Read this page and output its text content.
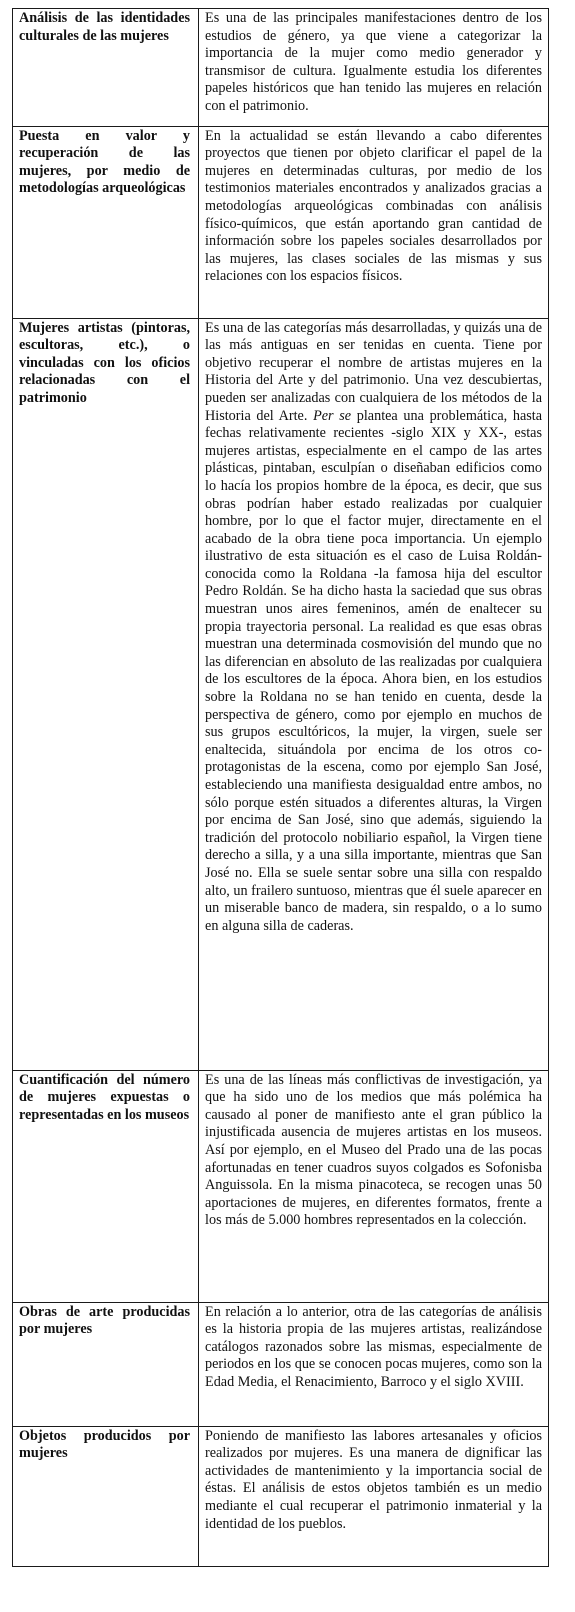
Análisis de las identidades culturales de las mujeres	Es una de las principales manifestaciones dentro de los estudios de género, ya que viene a categorizar la importancia de la mujer como medio generador y transmisor de cultura. Igualmente estudia los diferentes papeles históricos que han tenido las mujeres en relación con el patrimonio.
Puesta en valor y recuperación de las mujeres, por medio de metodologías arqueológicas	En la actualidad se están llevando a cabo diferentes proyectos que tienen por objeto clarificar el papel de la mujeres en determinadas culturas, por medio de los testimonios materiales encontrados y analizados gracias a metodologías arqueológicas combinadas con análisis físico-químicos, que están aportando gran cantidad de información sobre los papeles sociales desarrollados por las mujeres, las clases sociales de las mismas y sus relaciones con los espacios físicos.
Mujeres artistas (pintoras, escultoras, etc.), o vinculadas con los oficios relacionadas con el patrimonio	Es una de las categorías más desarrolladas, y quizás una de las más antiguas en ser tenidas en cuenta. Tiene por objetivo recuperar el nombre de artistas mujeres en la Historia del Arte y del patrimonio. Una vez descubiertas, pueden ser analizadas con cualquiera de los métodos de la Historia del Arte. Per se plantea una problemática, hasta fechas relativamente recientes -siglo XIX y XX-, estas mujeres artistas, especialmente en el campo de las artes plásticas, pintaban, esculpían o diseñaban edificios como lo hacía los propios hombre de la época, es decir, que sus obras podrían haber estado realizadas por cualquier hombre, por lo que el factor mujer, directamente en el acabado de la obra tiene poca importancia. Un ejemplo ilustrativo de esta situación es el caso de Luisa Roldán- conocida como la Roldana -la famosa hija del escultor Pedro Roldán. Se ha dicho hasta la saciedad que sus obras muestran unos aires femeninos, amén de enaltecer su propia trayectoria personal. La realidad es que esas obras muestran una determinada cosmovisión del mundo que no las diferencian en absoluto de las realizadas por cualquiera de los escultores de la época. Ahora bien, en los estudios sobre la Roldana no se han tenido en cuenta, desde la perspectiva de género, como por ejemplo en muchos de sus grupos escultóricos, la mujer, la virgen, suele ser enaltecida, situándola por encima de los otros co-protagonistas de la escena, como por ejemplo San José, estableciendo una manifiesta desigualdad entre ambos, no sólo porque estén situados a diferentes alturas, la Virgen por encima de San José, sino que además, siguiendo la tradición del protocolo nobiliario español, la Virgen tiene derecho a silla, y a una silla importante, mientras que San José no. Ella se suele sentar sobre una silla con respaldo alto, un frailero suntuoso, mientras que él suele aparecer en un miserable banco de madera, sin respaldo, o a lo sumo en alguna silla de caderas.

Cuantificación del número de mujeres expuestas o representadas en los museos	Es una de las líneas más conflictivas de investigación, ya que ha sido uno de los medios que más polémica ha causado al poner de manifiesto ante el gran público la injustificada ausencia de mujeres artistas en los museos. Así por ejemplo, en el Museo del Prado una de las pocas afortunadas en tener cuadros suyos colgados es Sofonisba Anguissola. En la misma pinacoteca, se recogen unas 50 aportaciones de mujeres, en diferentes formatos, frente a los más de 5.000 hombres representados en la colección.
Obras de arte producidas por mujeres	En relación a lo anterior, otra de las categorías de análisis es la historia propia de las mujeres artistas, realizándose catálogos razonados sobre las mismas, especialmente de periodos en los que se conocen pocas mujeres, como son la Edad Media, el Renacimiento, Barroco y el siglo XVIII.
Objetos producidos por mujeres	Poniendo de manifiesto las labores artesanales y oficios realizados por mujeres. Es una manera de dignificar las actividades de mantenimiento y la importancia social de éstas. El análisis de estos objetos también es un medio mediante el cual recuperar el patrimonio inmaterial y la identidad de los pueblos.
